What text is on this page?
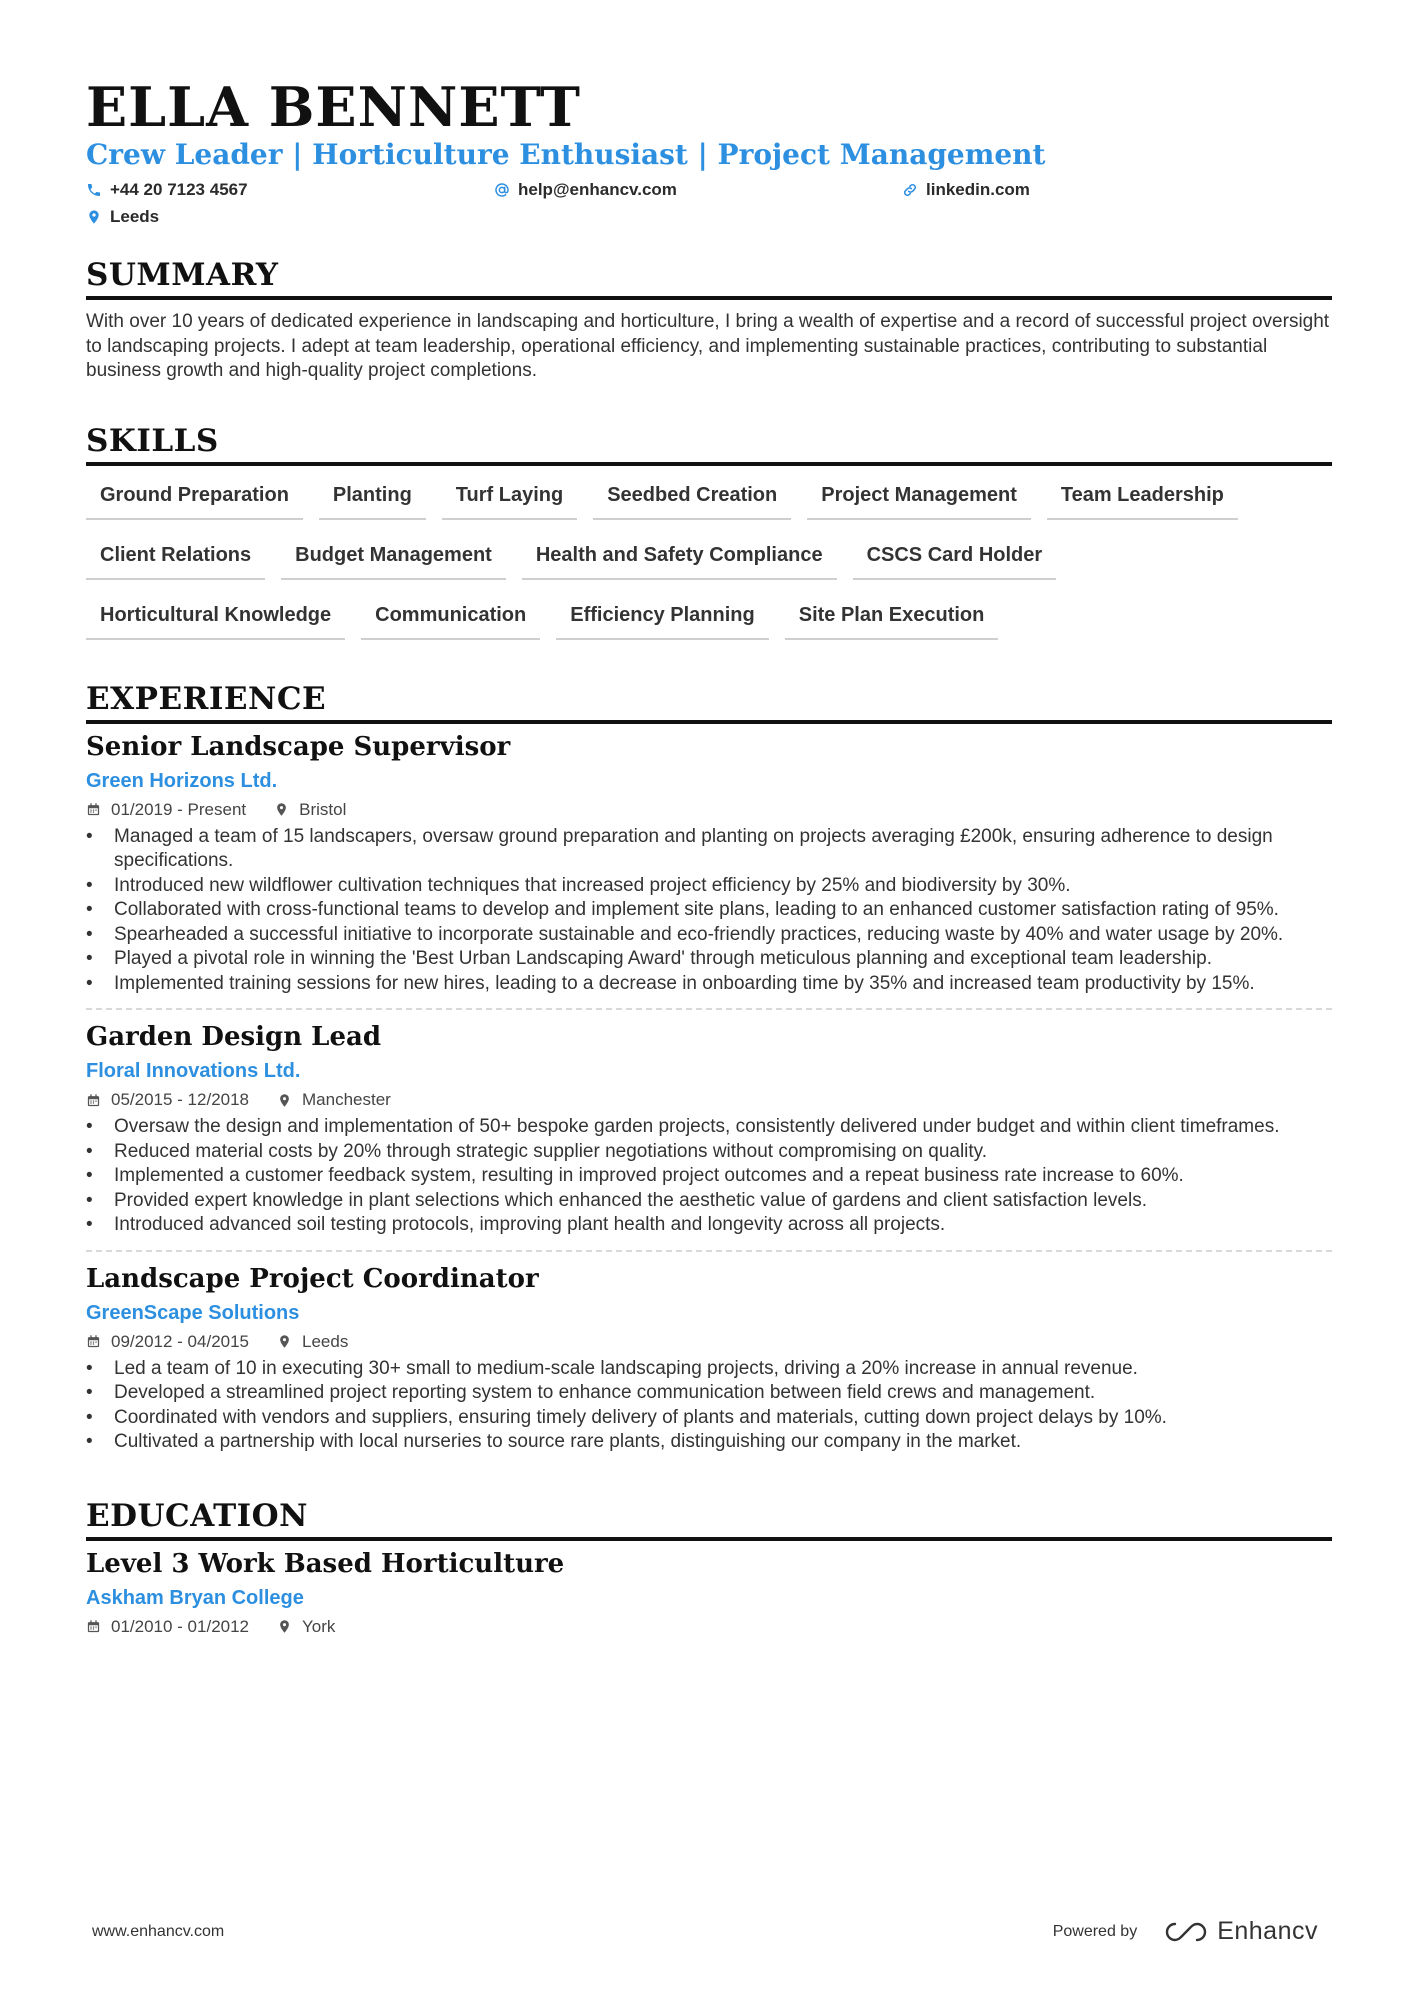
ELLA BENNETT
Crew Leader | Horticulture Enthusiast | Project Management
+44 20 7123 4567	help@enhancv.com	linkedin.com
Leeds
SUMMARY
With over 10 years of dedicated experience in landscaping and horticulture, I bring a wealth of expertise and a record of successful project oversight to landscaping projects. I adept at team leadership, operational efficiency, and implementing sustainable practices, contributing to substantial business growth and high-quality project completions.
SKILLS
Ground Preparation	Planting	Turf Laying	Seedbed Creation	Project Management	Team Leadership
Client Relations	Budget Management	Health and Safety Compliance	CSCS Card Holder
Horticultural Knowledge	Communication	Efficiency Planning	Site Plan Execution
EXPERIENCE
Senior Landscape Supervisor
Green Horizons Ltd.
01/2019 - Present	Bristol
• Managed a team of 15 landscapers, oversaw ground preparation and planting on projects averaging £200k, ensuring adherence to design specifications.
• Introduced new wildflower cultivation techniques that increased project efficiency by 25% and biodiversity by 30%.
• Collaborated with cross-functional teams to develop and implement site plans, leading to an enhanced customer satisfaction rating of 95%.
• Spearheaded a successful initiative to incorporate sustainable and eco-friendly practices, reducing waste by 40% and water usage by 20%.
• Played a pivotal role in winning the 'Best Urban Landscaping Award' through meticulous planning and exceptional team leadership.
• Implemented training sessions for new hires, leading to a decrease in onboarding time by 35% and increased team productivity by 15%.
Garden Design Lead
Floral Innovations Ltd.
05/2015 - 12/2018	Manchester
• Oversaw the design and implementation of 50+ bespoke garden projects, consistently delivered under budget and within client timeframes.
• Reduced material costs by 20% through strategic supplier negotiations without compromising on quality.
• Implemented a customer feedback system, resulting in improved project outcomes and a repeat business rate increase to 60%.
• Provided expert knowledge in plant selections which enhanced the aesthetic value of gardens and client satisfaction levels.
• Introduced advanced soil testing protocols, improving plant health and longevity across all projects.
Landscape Project Coordinator
GreenScape Solutions
09/2012 - 04/2015	Leeds
• Led a team of 10 in executing 30+ small to medium-scale landscaping projects, driving a 20% increase in annual revenue.
• Developed a streamlined project reporting system to enhance communication between field crews and management.
• Coordinated with vendors and suppliers, ensuring timely delivery of plants and materials, cutting down project delays by 10%.
• Cultivated a partnership with local nurseries to source rare plants, distinguishing our company in the market.
EDUCATION
Level 3 Work Based Horticulture
Askham Bryan College
01/2010 - 01/2012	York
www.enhancv.com	Powered by	Enhancv
